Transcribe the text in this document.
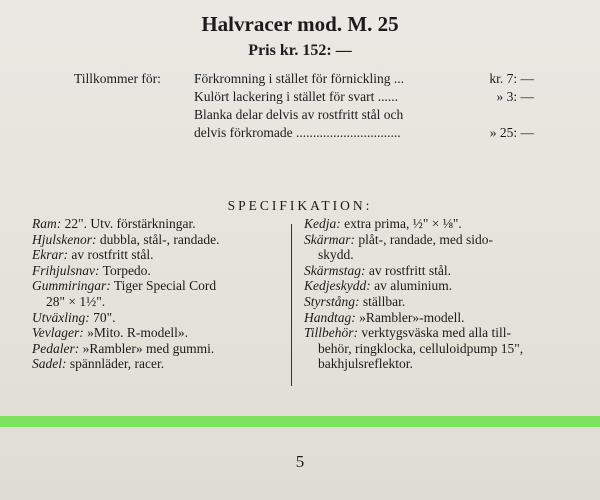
Halvracer mod. M. 25
Pris kr. 152: —
Tillkommer för:	Förkromning i stället för förnickling ...	kr. 7: —
Kulört lackering i stället för svart ......	» 3: —
Blanka delar delvis av rostfritt stål och
delvis förkromade ...............................	» 25: —
SPECIFIKATION:
Ram: 22". Utv. förstärkningar.
Hjulskenor: dubbla, stål-, randade.
Ekrar: av rostfritt stål.
Frihjulsnav: Torpedo.
Gummiringar: Tiger Special Cord
28" × 1½".
Utväxling: 70".
Vevlager: »Mito. R-modell».
Pedaler: »Rambler» med gummi.
Sadel: spännläder, racer.
Kedja: extra prima, ½" × ⅛".
Skärmar: plåt-, randade, med sido-
skydd.
Skärmstag: av rostfritt stål.
Kedjeskydd: av aluminium.
Styrstång: ställbar.
Handtag: »Rambler»-modell.
Tillbehör: verktygsväska med alla till-
behör, ringklocka, celluloidpump 15", bakhjulsreflektor.
5
